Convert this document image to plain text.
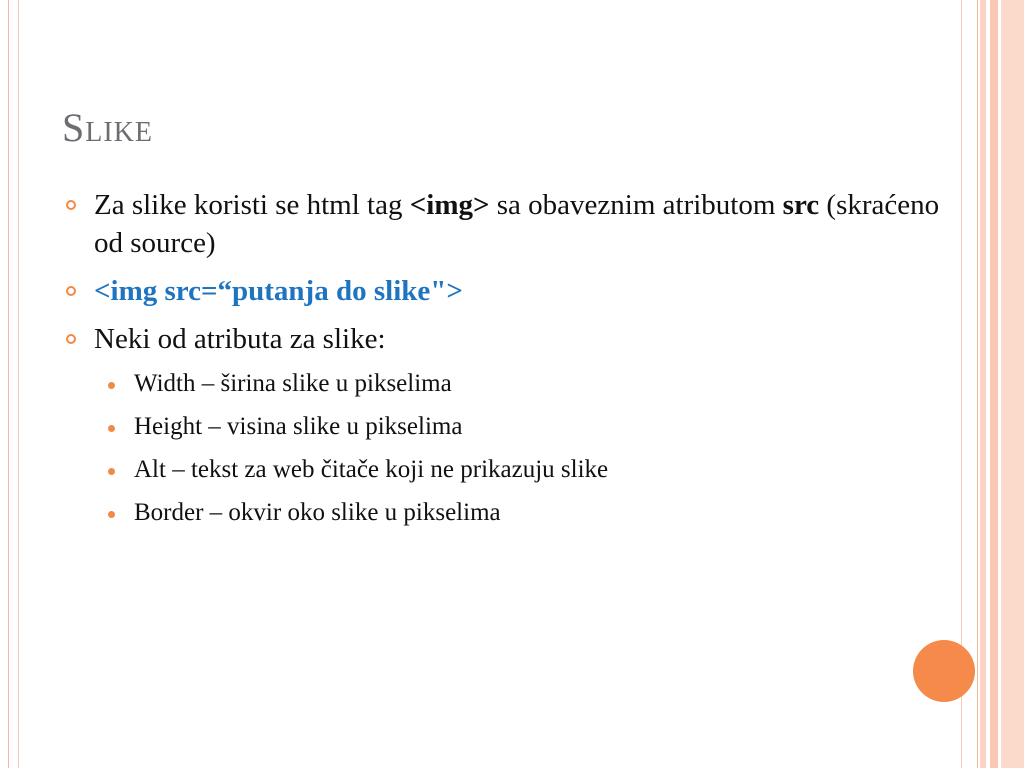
Slike
Za slike koristi se html tag <img> sa obaveznim atributom src (skraćeno od source)
<img src=“putanja do slike">
Neki od atributa za slike:
Width – širina slike u pikselima
Height – visina slike u pikselima
Alt – tekst za web čitače koji ne prikazuju slike
Border – okvir oko slike u pikselima
